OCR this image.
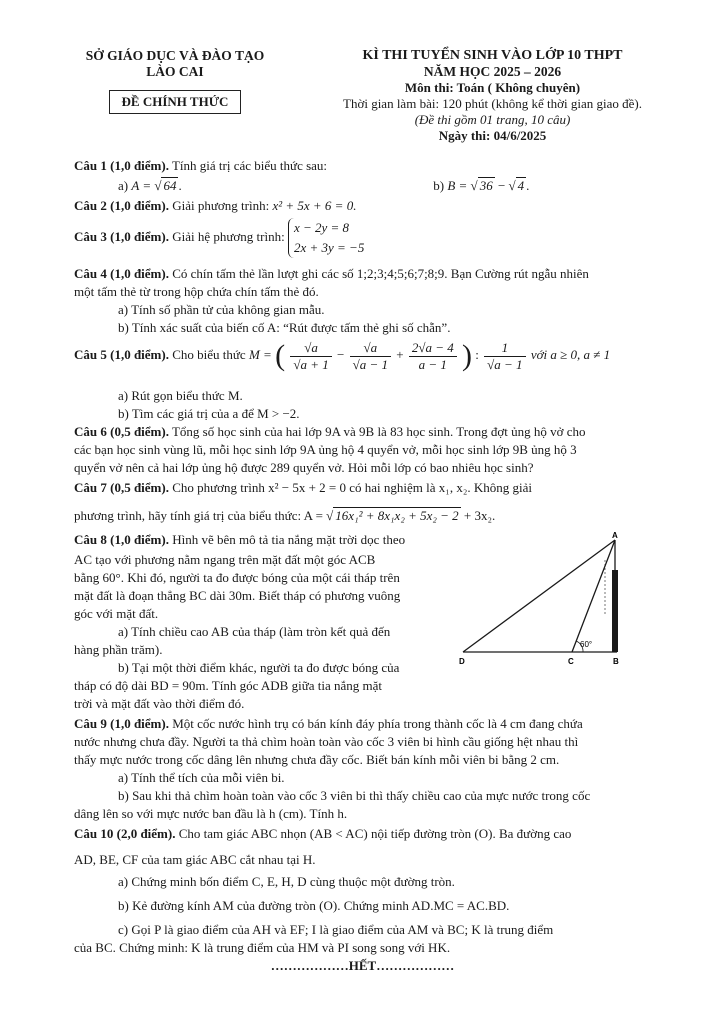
SỞ GIÁO DỤC VÀ ĐÀO TẠO
LÀO CAI
ĐỀ CHÍNH THỨC
KÌ THI TUYỂN SINH VÀO LỚP 10 THPT
NĂM HỌC 2025 – 2026
Môn thi: Toán ( Không chuyên)
Thời gian làm bài: 120 phút (không kể thời gian giao đề).
(Đề thi gồm 01 trang, 10 câu)
Ngày thi: 04/6/2025
Câu 1 (1,0 điểm). Tính giá trị các biểu thức sau:
a) A = √ 64 .	b) B = √ 36 − √ 4 .
Câu 2 (1,0 điểm). Giải phương trình: x² + 5x + 6 = 0.
Câu 3 (1,0 điểm). Giải hệ phương trình:
x − 2y = 8
2x + 3y = −5
Câu 4 (1,0 điểm). Có chín tấm thẻ lần lượt ghi các số 1;2;3;4;5;6;7;8;9. Bạn Cường rút ngẫu nhiên
một tấm thẻ từ trong hộp chứa chín tấm thẻ đó.
a) Tính số phần tử của không gian mẫu.
b) Tính xác suất của biến cố A: “Rút được tấm thẻ ghi số chẵn”.
Câu 5 (1,0 điểm). Cho biểu thức M = ( $\frac{√a}{√a + 1} - \frac{√a}{√a - 1} + \frac{2√a - 4}{a - 1}$ ) : $\frac{1}{√a - 1}$ với a ≥ 0, a ≠ 1
a) Rút gọn biểu thức M.
b) Tìm các giá trị của a để M > −2.
Câu 6 (0,5 điểm). Tổng số học sinh của hai lớp 9A và 9B là 83 học sinh. Trong đợt ủng hộ vở cho
các bạn học sinh vùng lũ, mỗi học sinh lớp 9A ủng hộ 4 quyển vở, mỗi học sinh lớp 9B ủng hộ 3
quyển vở nên cả hai lớp ủng hộ được 289 quyển vở. Hỏi mỗi lớp có bao nhiêu học sinh?
Câu 7 (0,5 điểm). Cho phương trình x² − 5x + 2 = 0 có hai nghiệm là x₁, x₂. Không giải
phương trình, hãy tính giá trị của biểu thức: A = √ 16x₁² + 8x₁x₂ + 5x₂ − 2 + 3x₂.
Câu 8 (1,0 điểm). Hình vẽ bên mô tả tia nắng mặt trời dọc theo
AC tạo với phương nằm ngang trên mặt đất một góc ACB
bằng 60°. Khi đó, người ta đo được bóng của một cái tháp trên
mặt đất là đoạn thẳng BC dài 30m. Biết tháp có phương vuông
góc với mặt đất.
a) Tính chiều cao AB của tháp (làm tròn kết quả đến
hàng phần trăm).
b) Tại một thời điểm khác, người ta đo được bóng của
tháp có độ dài BD = 90m. Tính góc ADB giữa tia nắng mặt
trời và mặt đất vào thời điểm đó.
60°
A
B
C
D
Câu 9 (1,0 điểm). Một cốc nước hình trụ có bán kính đáy phía trong thành cốc là 4 cm đang chứa
nước nhưng chưa đầy. Người ta thả chìm hoàn toàn vào cốc 3 viên bi hình cầu giống hệt nhau thì
thấy mực nước trong cốc dâng lên nhưng chưa đầy cốc. Biết bán kính mỗi viên bi bằng 2 cm.
a) Tính thể tích của mỗi viên bi.
b) Sau khi thả chìm hoàn toàn vào cốc 3 viên bi thì thấy chiều cao của mực nước trong cốc
dâng lên so với mực nước ban đầu là h (cm). Tính h.
Câu 10 (2,0 điểm). Cho tam giác ABC nhọn (AB < AC) nội tiếp đường tròn (O). Ba đường cao
AD, BE, CF của tam giác ABC cắt nhau tại H.
a) Chứng minh bốn điểm C, E, H, D cùng thuộc một đường tròn.
b) Kẻ đường kính AM của đường tròn (O). Chứng minh AD.MC = AC.BD.
c) Gọi P là giao điểm của AH và EF; I là giao điểm của AM và BC; K là trung điểm
của BC. Chứng minh: K là trung điểm của HM và PI song song với HK.
………………HẾT………………
